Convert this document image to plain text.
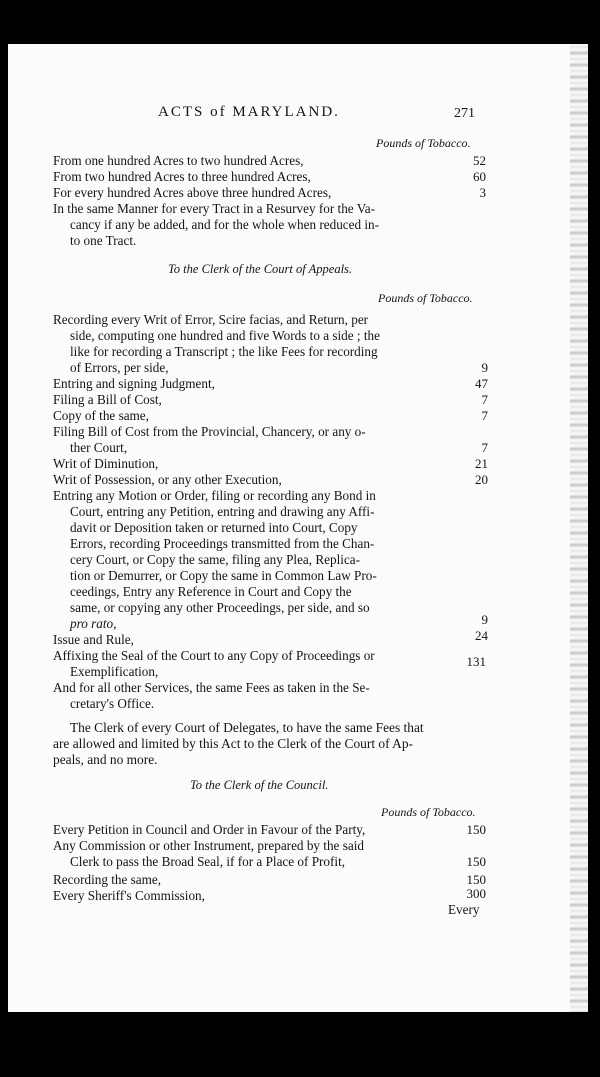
ACTS of MARYLAND.	271
Pounds of Tobacco.
From one hundred Acres to two hundred Acres,
From two hundred Acres to three hundred Acres,
For every hundred Acres above three hundred Acres,
In the same Manner for every Tract in a Resurvey for the Va-
cancy if any be added, and for the whole when reduced in-
to one Tract.
52
60
3
To the Clerk of the Court of Appeals.
Pounds of Tobacco.
Recording every Writ of Error, Scire facias, and Return, per
side, computing one hundred and five Words to a side ; the
like for recording a Transcript ; the like Fees for recording
of Errors, per side,
Entring and signing Judgment,
Filing a Bill of Cost,
Copy of the same,
Filing Bill of Cost from the Provincial, Chancery, or any o-
ther Court,
Writ of Diminution,
Writ of Possession, or any other Execution,
Entring any Motion or Order, filing or recording any Bond in
Court, entring any Petition, entring and drawing any Affi-
davit or Deposition taken or returned into Court, Copy
Errors, recording Proceedings transmitted from the Chan-
cery Court, or Copy the same, filing any Plea, Replica-
tion or Demurrer, or Copy the same in Common Law Pro-
ceedings, Entry any Reference in Court and Copy the
same, or copying any other Proceedings, per side, and so
pro rato,
Issue and Rule,
Affixing the Seal of the Court to any Copy of Proceedings or
Exemplification,
And for all other Services, the same Fees as taken in the Se-
cretary's Office.
9
47
7
7
7
21
20
9
24
131
The Clerk of every Court of Delegates, to have the same Fees that
are allowed and limited by this Act to the Clerk of the Court of Ap-
peals, and no more.
To the Clerk of the Council.
Pounds of Tobacco.
Every Petition in Council and Order in Favour of the Party,
Any Commission or other Instrument, prepared by the said
Clerk to pass the Broad Seal, if for a Place of Profit,
Recording the same,
Every Sheriff's Commission,
150
150
150
300
Every
